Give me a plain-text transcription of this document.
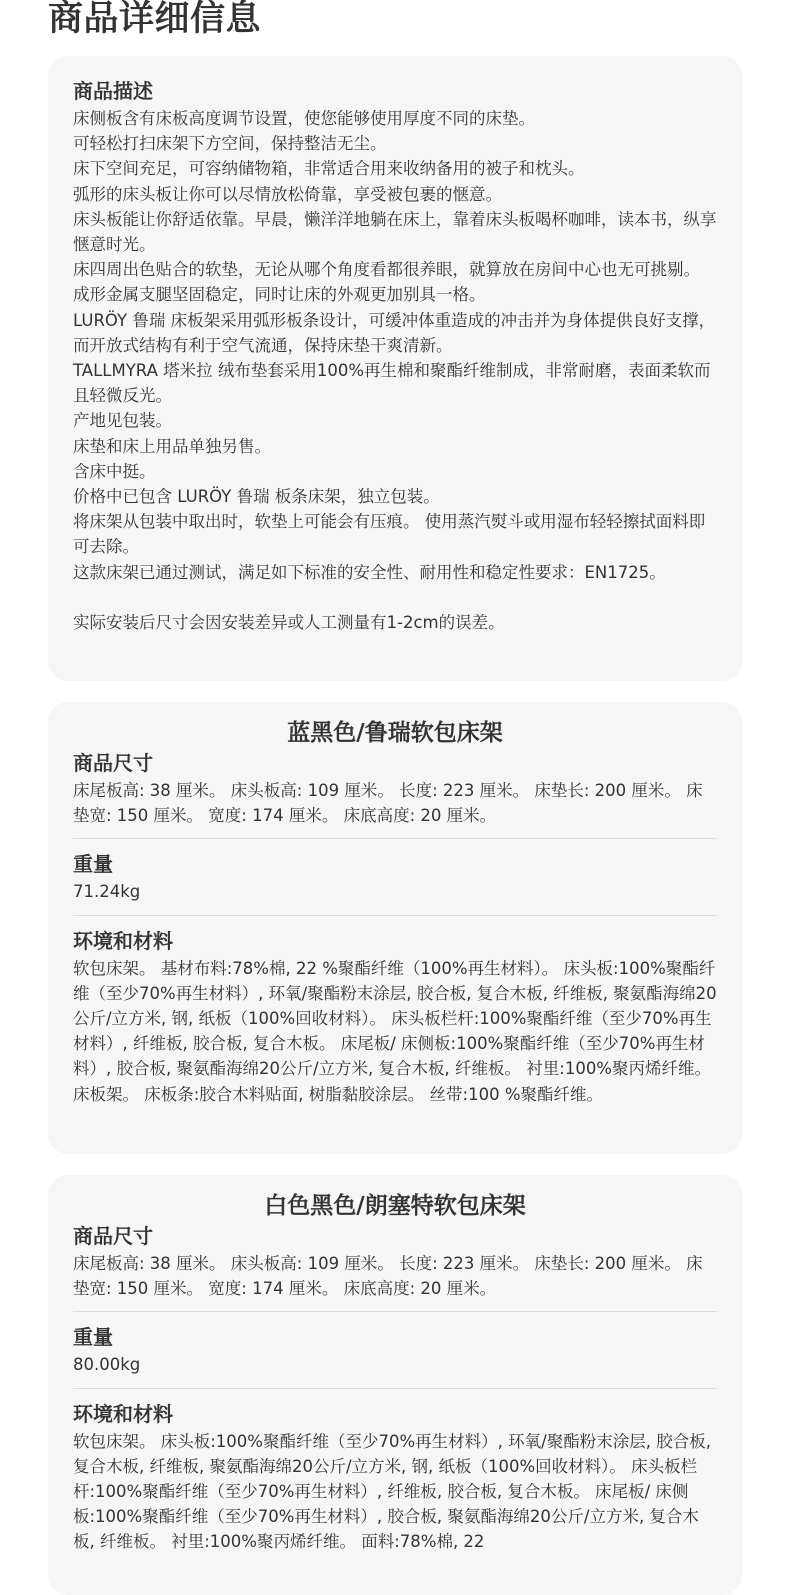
商品详细信息
商品描述

床侧板含有床板高度调节设置，使您能够使用厚度不同的床垫。

可轻松打扫床架下方空间，保持整洁无尘。

床下空间充足，可容纳储物箱，非常适合用来收纳备用的被子和枕头。

弧形的床头板让你可以尽情放松倚靠，享受被包裹的惬意。

床头板能让你舒适依靠。早晨，懒洋洋地躺在床上，靠着床头板喝杯咖啡，读本书，纵享惬意时光。

床四周出色贴合的软垫，无论从哪个角度看都很养眼，就算放在房间中心也无可挑剔。

成形金属支腿坚固稳定，同时让床的外观更加别具一格。

LURÖY 鲁瑞 床板架采用弧形板条设计，可缓冲体重造成的冲击并为身体提供良好支撑，而开放式结构有利于空气流通，保持床垫干爽清新。

TALLMYRA 塔米拉 绒布垫套采用100%再生棉和聚酯纤维制成，非常耐磨，表面柔软而且轻微反光。

产地见包装。

床垫和床上用品单独另售。

含床中挺。

价格中已包含 LURÖY 鲁瑞 板条床架，独立包装。

将床架从包装中取出时，软垫上可能会有压痕。 使用蒸汽熨斗或用湿布轻轻擦拭面料即可去除。

这款床架已通过测试，满足如下标准的安全性、耐用性和稳定性要求：EN1725。

实际安装后尺寸会因安装差异或人工测量有1-2cm的误差。

蓝黑色/鲁瑞软包床架
商品尺寸

床尾板高: 38 厘米。 床头板高: 109 厘米。 长度: 223 厘米。 床垫长: 200 厘米。 床垫宽: 150 厘米。 宽度: 174 厘米。 床底高度: 20 厘米。

重量

71.24kg

环境和材料

软包床架。 基材布料:78%棉, 22 %聚酯纤维（100%再生材料）。 床头板:100%聚酯纤维（至少70%再生材料）, 环氧/聚酯粉末涂层, 胶合板, 复合木板, 纤维板, 聚氨酯海绵20公斤/立方米, 钢, 纸板（100%回收材料）。 床头板栏杆:100%聚酯纤维（至少70%再生材料）, 纤维板, 胶合板, 复合木板。 床尾板/ 床侧板:100%聚酯纤维（至少70%再生材料）, 胶合板, 聚氨酯海绵20公斤/立方米, 复合木板, 纤维板。 衬里:100%聚丙烯纤维。 床板架。 床板条:胶合木料贴面, 树脂黏胶涂层。 丝带:100 %聚酯纤维。

白色黑色/朗塞特软包床架
商品尺寸

床尾板高: 38 厘米。 床头板高: 109 厘米。 长度: 223 厘米。 床垫长: 200 厘米。 床垫宽: 150 厘米。 宽度: 174 厘米。 床底高度: 20 厘米。

重量

80.00kg

环境和材料

软包床架。 床头板:100%聚酯纤维（至少70%再生材料）, 环氧/聚酯粉末涂层, 胶合板, 复合木板, 纤维板, 聚氨酯海绵20公斤/立方米, 钢, 纸板（100%回收材料）。 床头板栏杆:100%聚酯纤维（至少70%再生材料）, 纤维板, 胶合板, 复合木板。 床尾板/ 床侧板:100%聚酯纤维（至少70%再生材料）, 胶合板, 聚氨酯海绵20公斤/立方米, 复合木板, 纤维板。 衬里:100%聚丙烯纤维。 面料:78%棉, 22
